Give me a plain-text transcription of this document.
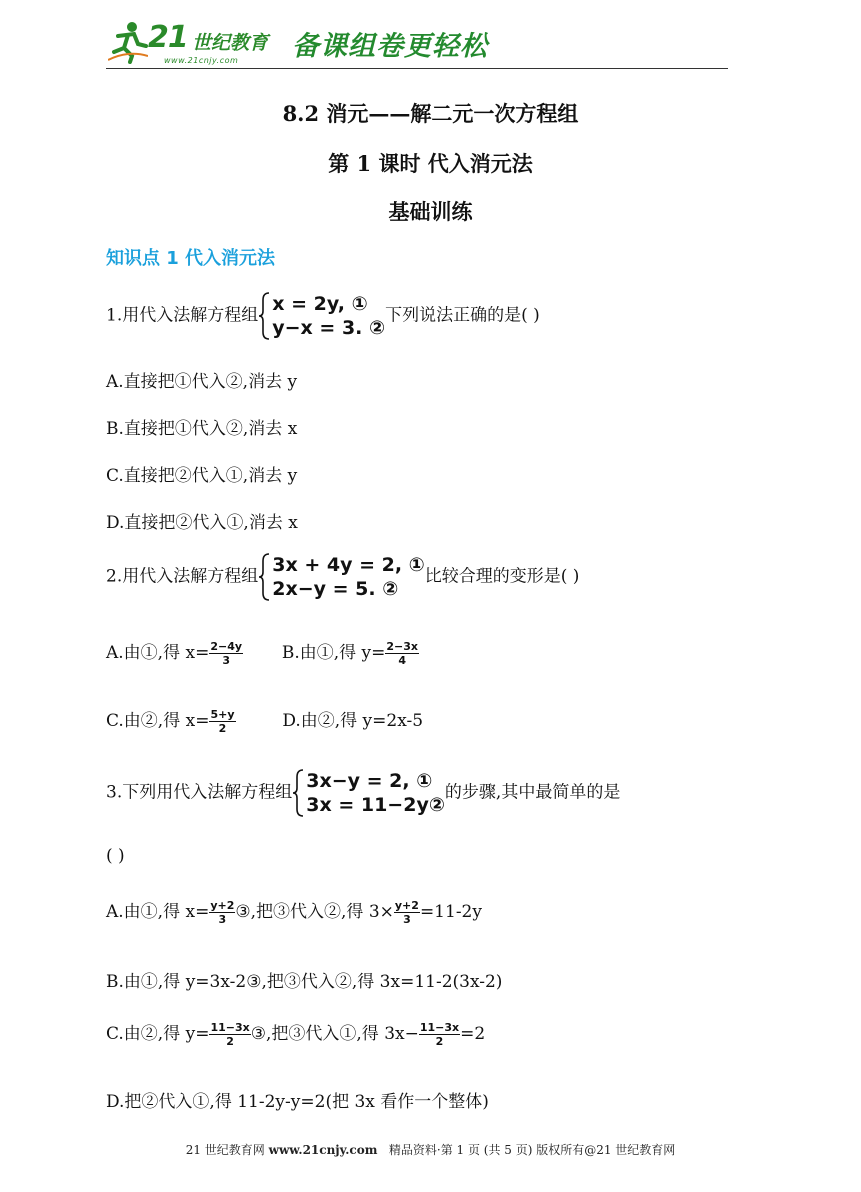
21 世纪教育
www.21cnjy.com 备课组卷更轻松
8.2 消元——解二元一次方程组
第 1 课时 代入消元法
基础训练
知识点 1 代入消元法
1.用代入法解方程组
x = 2y, ①
y−x = 3. ②
下列说法正确的是( )
A.直接把①代入②,消去 y
B.直接把①代入②,消去 x
C.直接把②代入①,消去 y
D.直接把②代入①,消去 x
2.用代入法解方程组
3x + 4y = 2, ①
2x−y = 5. ②
比较合理的变形是( )
A.由①,得 $x= \frac{2-4y}{3} B$.由①,得 $y= \frac{2-3x}{4}$
C.由②,得 $x= \frac{5+y}{2}$	D.由②,得 y=2x-5
3.下列用代入法解方程组
3x−y = 2, ①
3x = 11−2y②
的步骤,其中最简单的是
( )
A.由①,得 $x= \frac{y+2}{3}$ ③,把③代入②,得 $3\times \frac{y+2}{3} =11-2y$
B.由①,得 y=3x-2③,把③代入②,得 3x=11-2(3x-2)
C.由②,得 $y= \frac{11-3x}{2}$ ③,把③代入①,得 $3x- \frac{11-3x}{2} =2$
D.把②代入①,得 11-2y-y=2(把 3x 看作一个整体)
21 世纪教育网 www.21cnjy.com 精品资料·第 1 页 (共 5 页) 版权所有@21 世纪教育网
